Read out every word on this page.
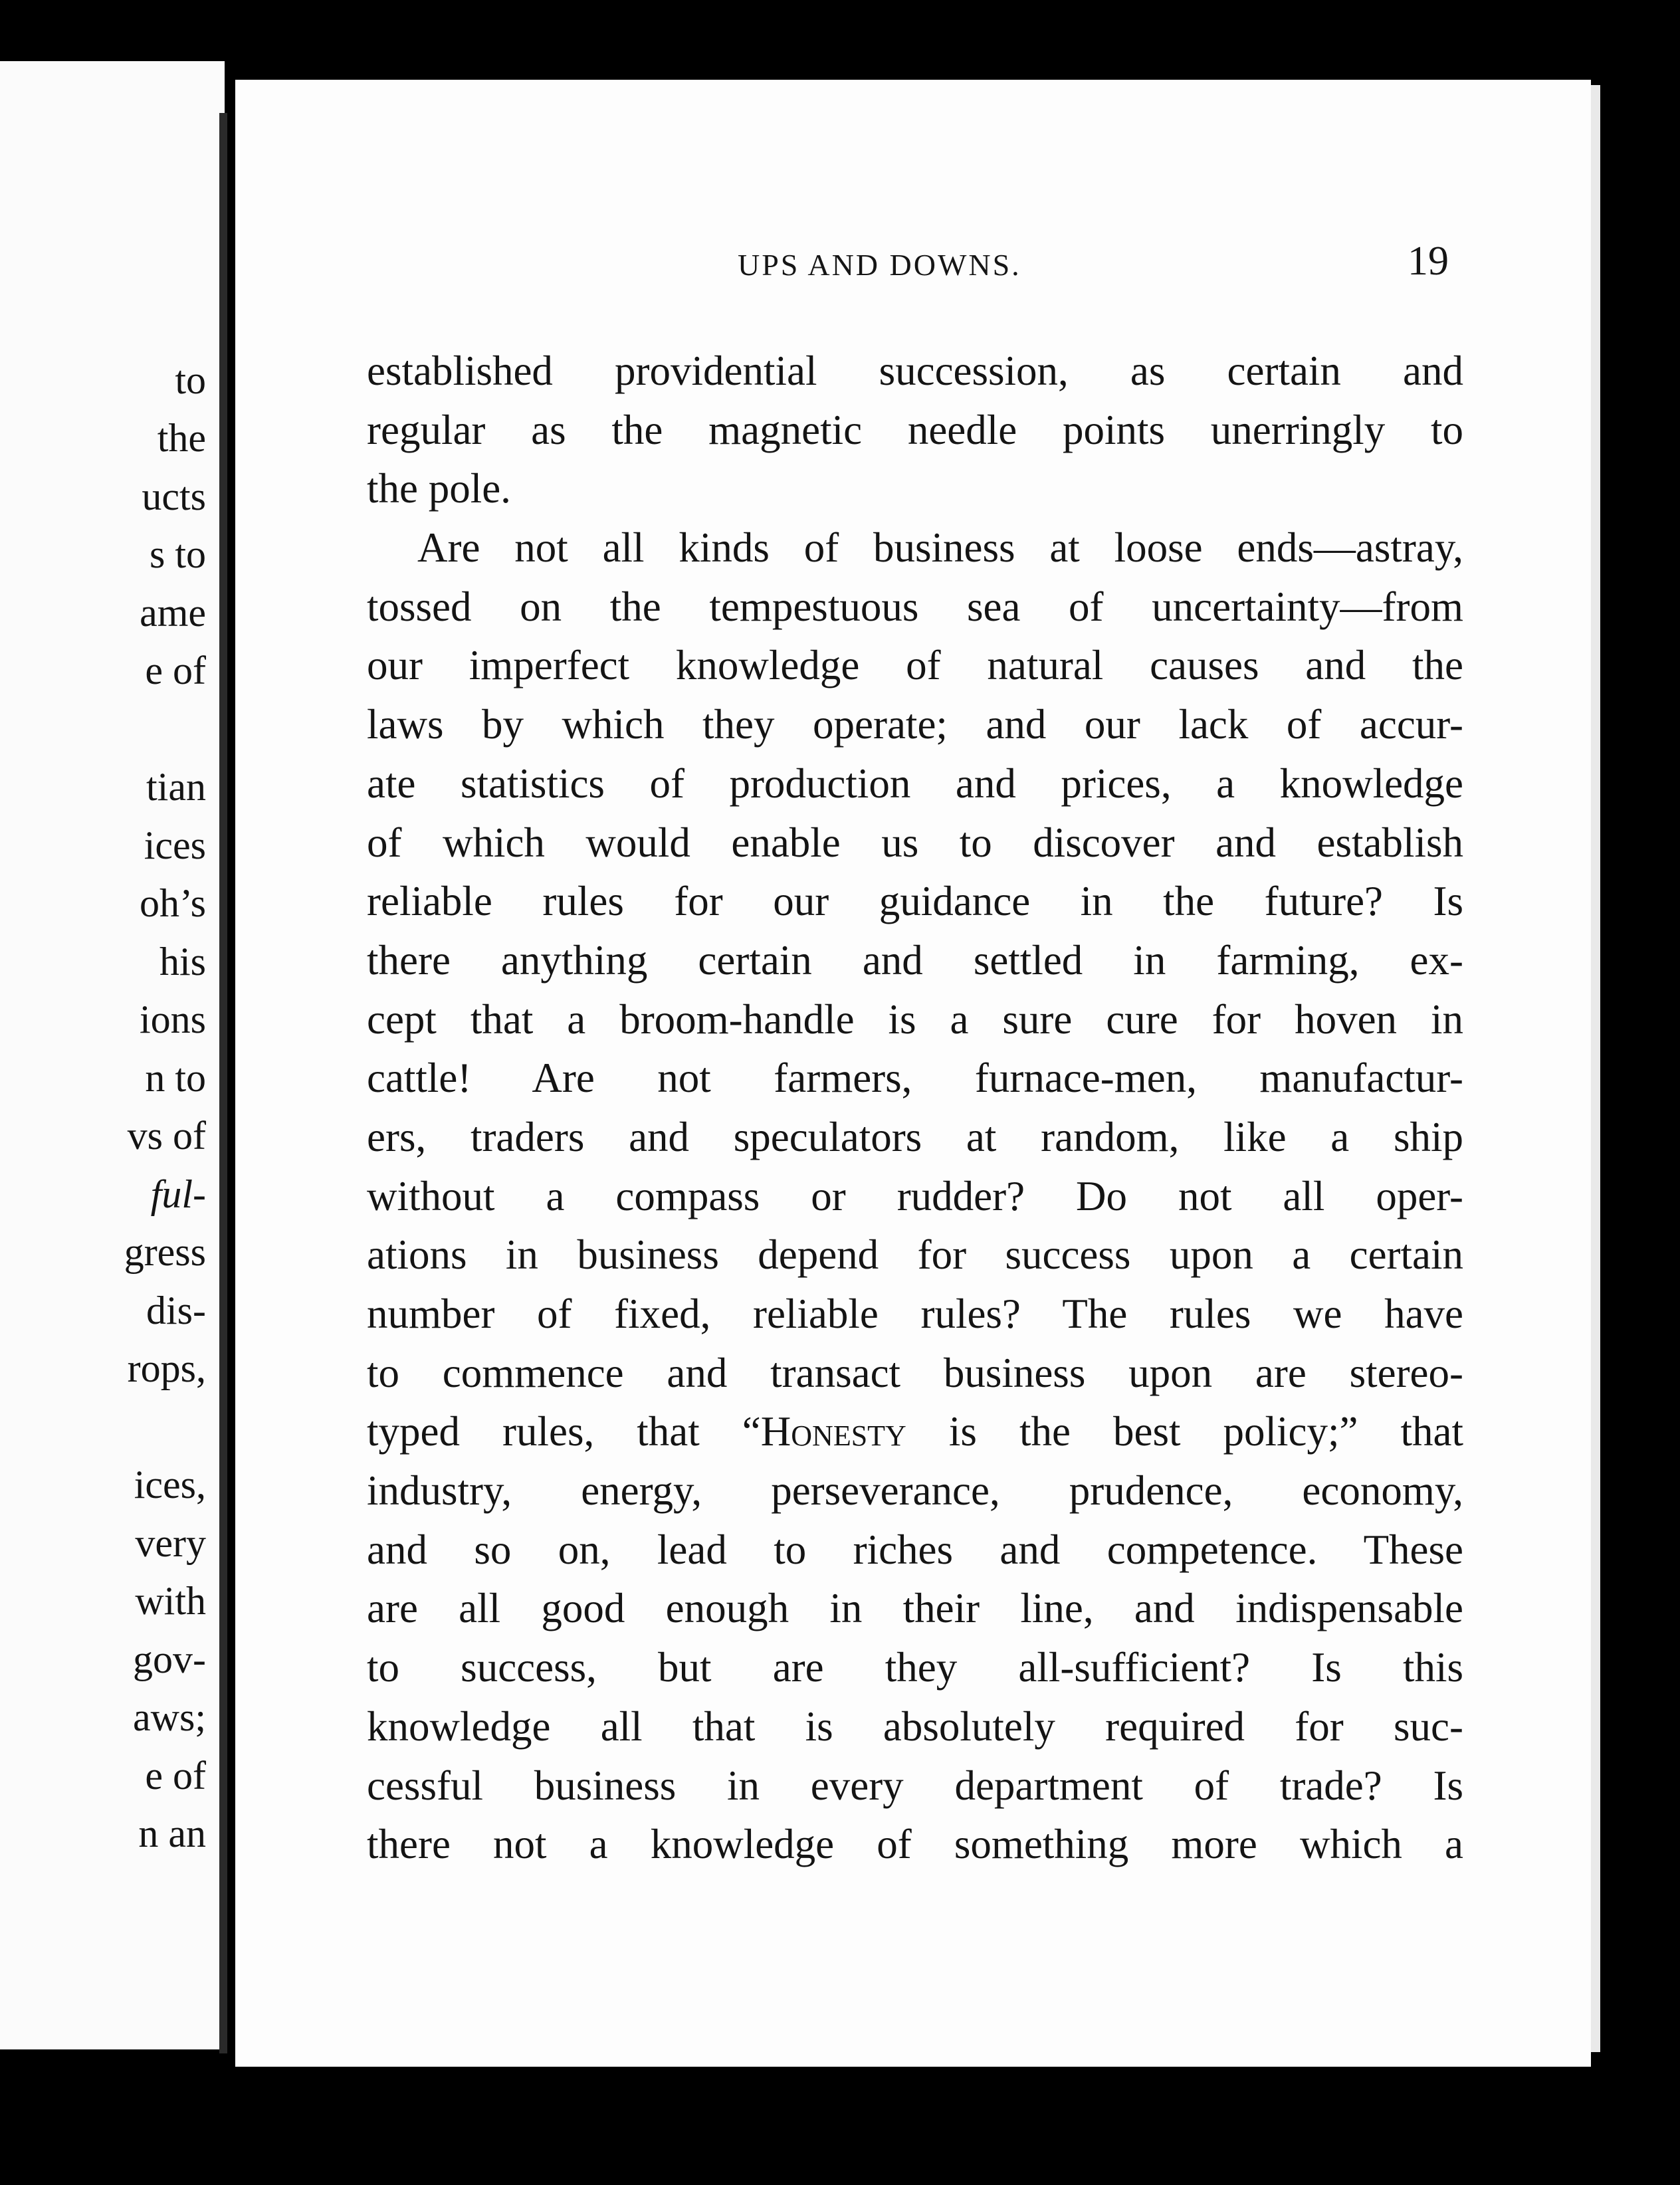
to
the
ucts
s to
ame
e of
tian
ices
oh’s
his
ions
n to
vs of
ful-
gress
dis-
rops,
ices,
very
with
gov-
aws;
e of
n an
UPS AND DOWNS.	19
established providential succession, as certain and
regular as the magnetic needle points unerringly to
the pole.
Are not all kinds of business at loose ends—astray,
tossed on the tempestuous sea of uncertainty—from
our imperfect knowledge of natural causes and the
laws by which they operate; and our lack of accur-
ate statistics of production and prices, a knowledge
of which would enable us to discover and establish
reliable rules for our guidance in the future? Is
there anything certain and settled in farming, ex-
cept that a broom-handle is a sure cure for hoven in
cattle! Are not farmers, furnace-men, manufactur-
ers, traders and speculators at random, like a ship
without a compass or rudder? Do not all oper-
ations in business depend for success upon a certain
number of fixed, reliable rules? The rules we have
to commence and transact business upon are stereo-
typed rules, that “Honesty is the best policy;” that
industry, energy, perseverance, prudence, economy,
and so on, lead to riches and competence. These
are all good enough in their line, and indispensable
to success, but are they all-sufficient? Is this
knowledge all that is absolutely required for suc-
cessful business in every department of trade? Is
there not a knowledge of something more which a
